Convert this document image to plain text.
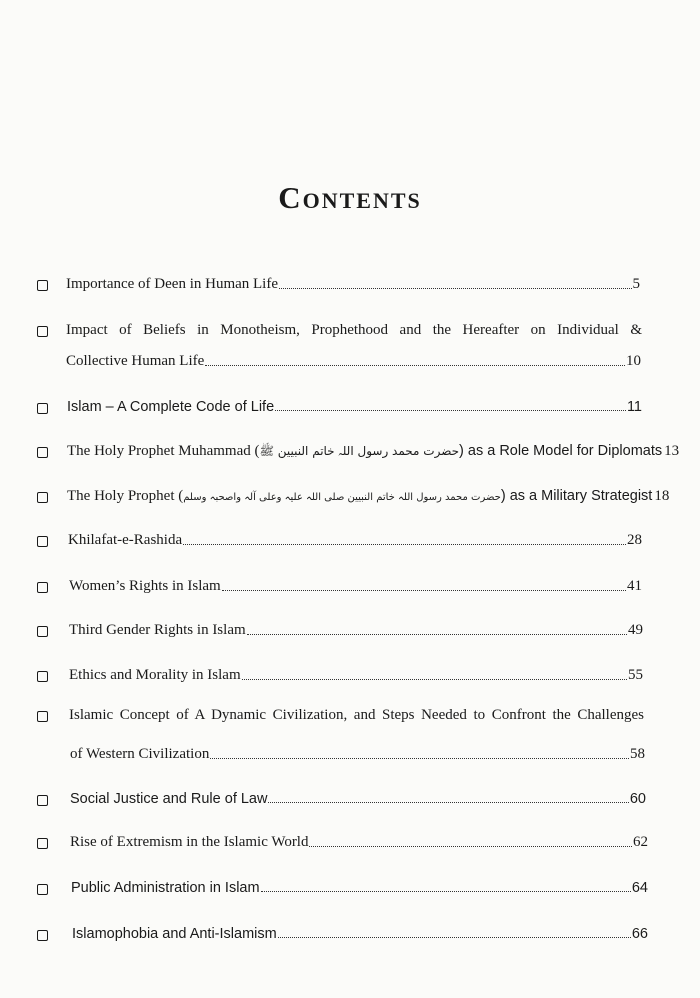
Contents
Importance of Deen in Human Life	5
Impact of Beliefs in Monotheism, Prophethood and the Hereafter on Individual &
Collective Human Life	10
Islam – A Complete Code of Life	11
The Holy Prophet Muhammad ( حضرت محمد رسول اللہ خاتم النبیین ﷺ ) as a Role Model for Diplomats 13
The Holy Prophet ( حضرت محمد رسول اللہ خاتم النبیین صلی اللہ علیہ وعلی آلہ واصحبہ وسلم ) as a Military Strategist 18
Khilafat-e-Rashida	28
Women’s Rights in Islam	41
Third Gender Rights in Islam	49
Ethics and Morality in Islam	55
Islamic Concept of A Dynamic Civilization, and Steps Needed to Confront the Challenges
of Western Civilization	58
Social Justice and Rule of Law	60
Rise of Extremism in the Islamic World	62
Public Administration in Islam	64
Islamophobia and Anti-Islamism	66
